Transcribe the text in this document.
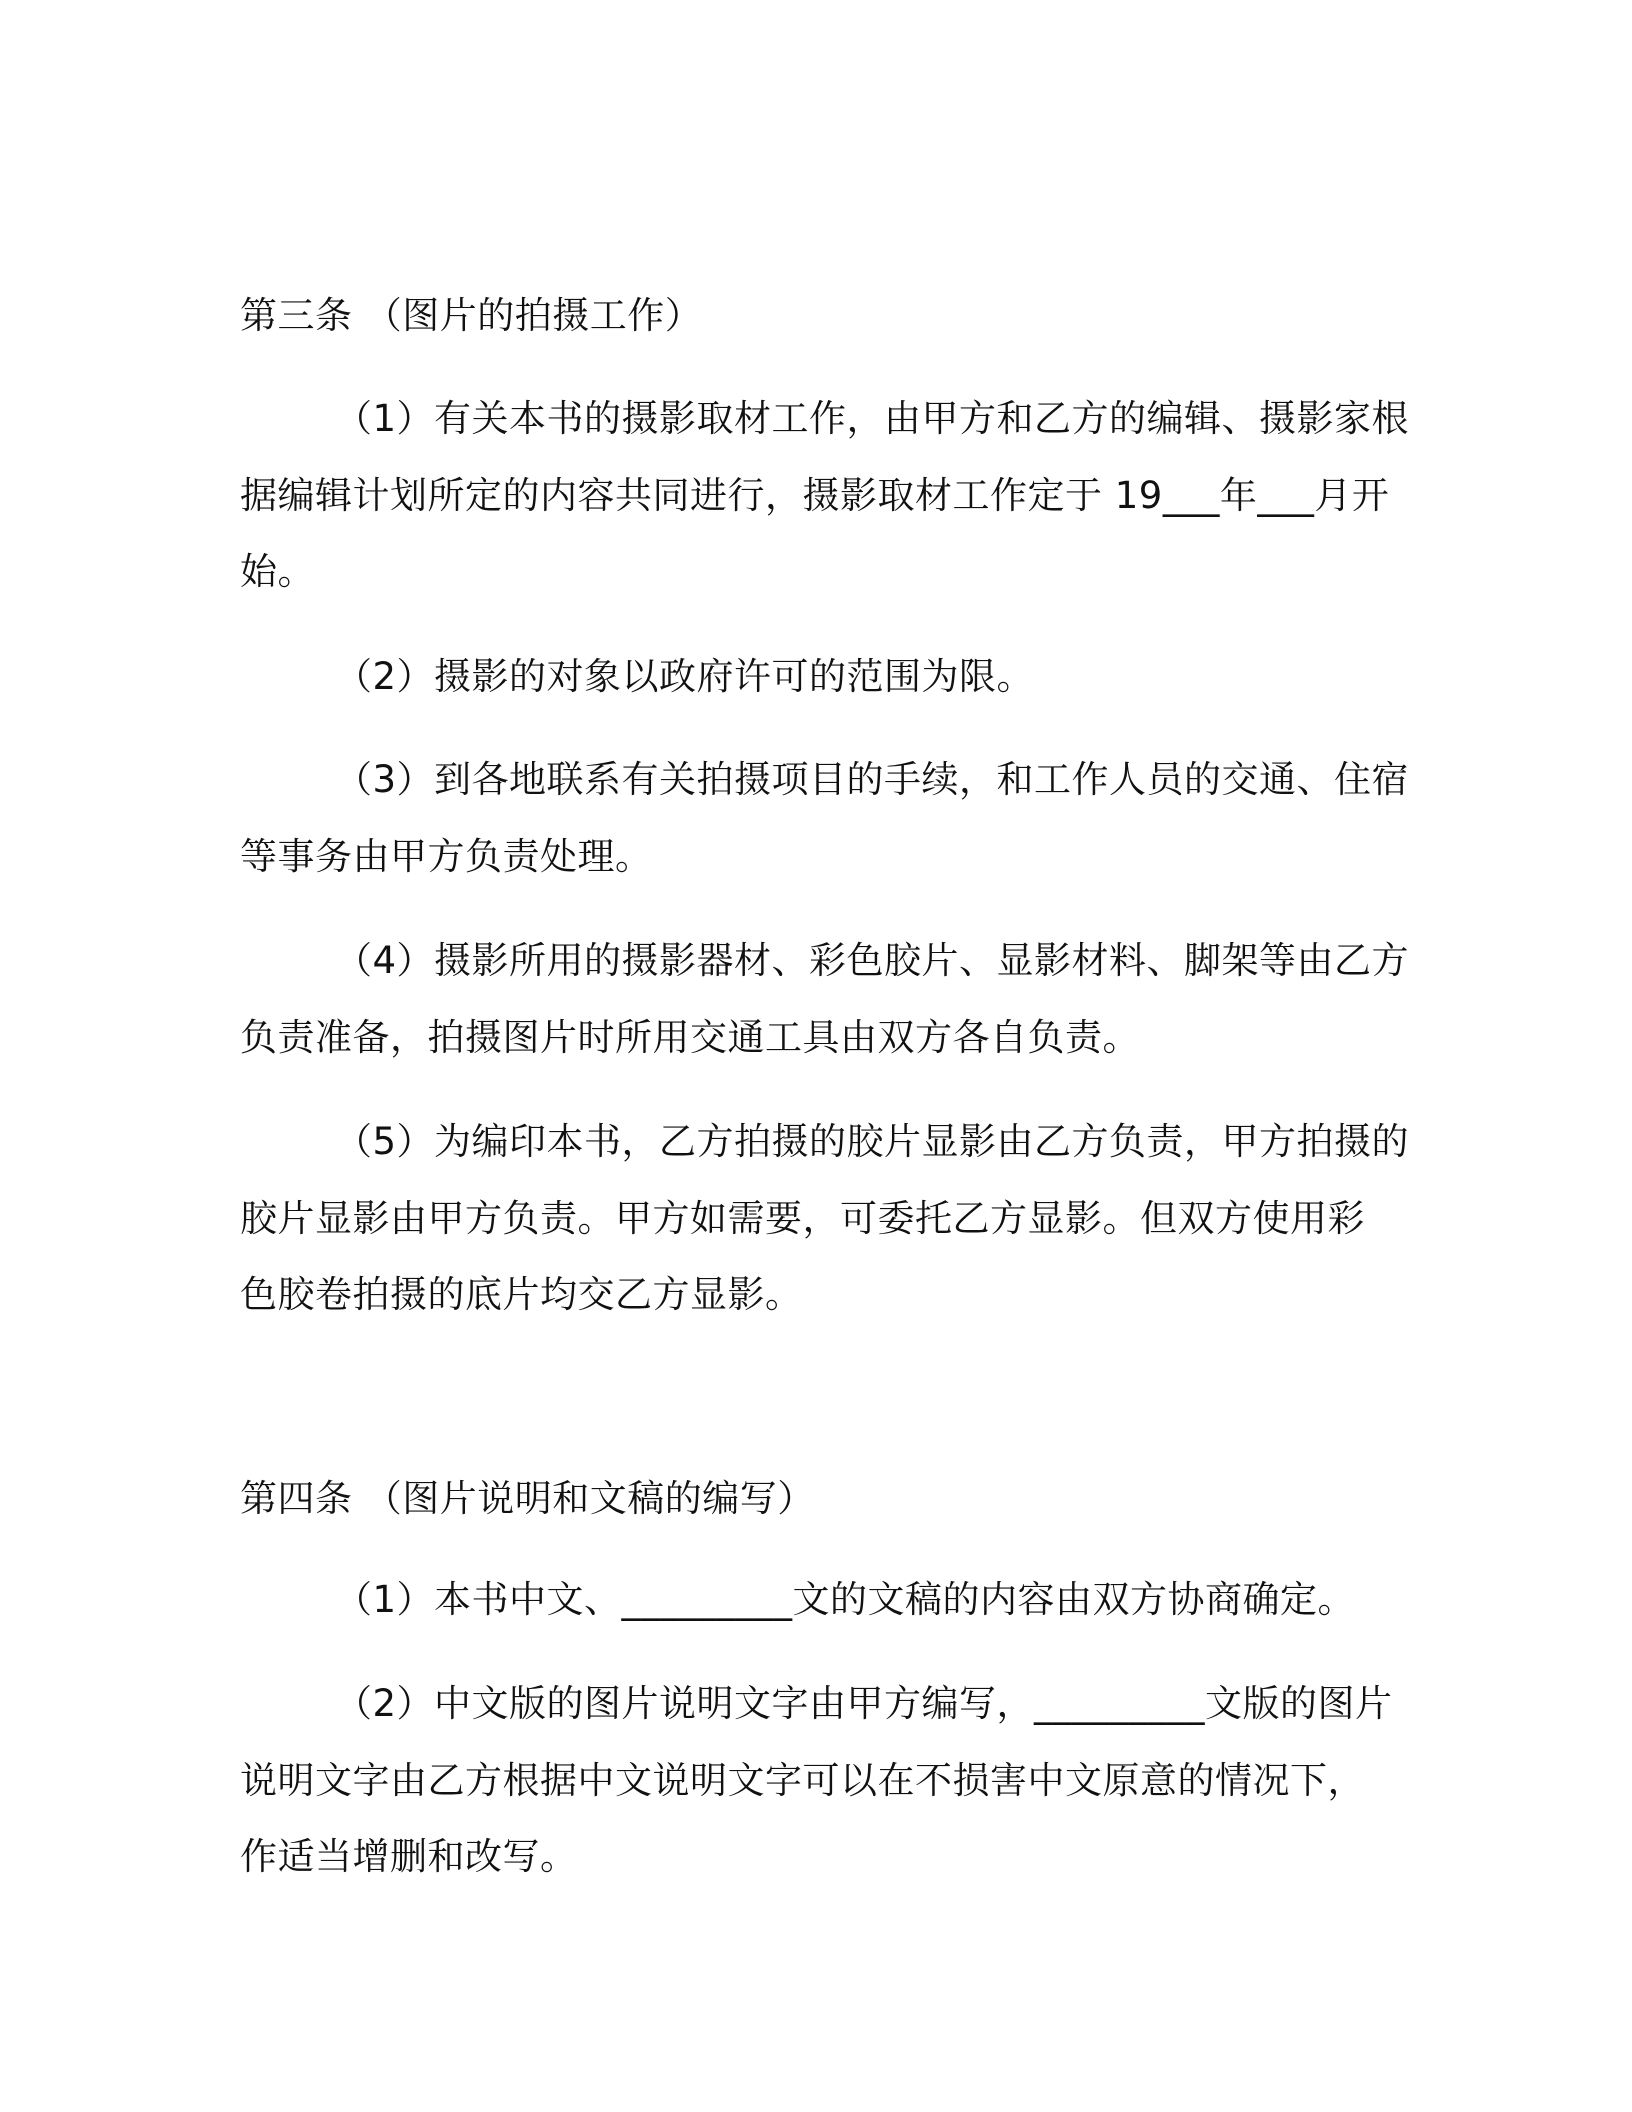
第三条 （图片的拍摄工作）
（1）有关本书的摄影取材工作，由甲方和乙方的编辑、摄影家根
据编辑计划所定的内容共同进行，摄影取材工作定于 19___年___月开
始。
（2）摄影的对象以政府许可的范围为限。
（3）到各地联系有关拍摄项目的手续，和工作人员的交通、住宿
等事务由甲方负责处理。
（4）摄影所用的摄影器材、彩色胶片、显影材料、脚架等由乙方
负责准备，拍摄图片时所用交通工具由双方各自负责。
（5）为编印本书，乙方拍摄的胶片显影由乙方负责，甲方拍摄的
胶片显影由甲方负责。甲方如需要，可委托乙方显影。但双方使用彩
色胶卷拍摄的底片均交乙方显影。
第四条 （图片说明和文稿的编写）
（1）本书中文、_________文的文稿的内容由双方协商确定。
（2）中文版的图片说明文字由甲方编写，_________文版的图片
说明文字由乙方根据中文说明文字可以在不损害中文原意的情况下，
作适当增删和改写。
